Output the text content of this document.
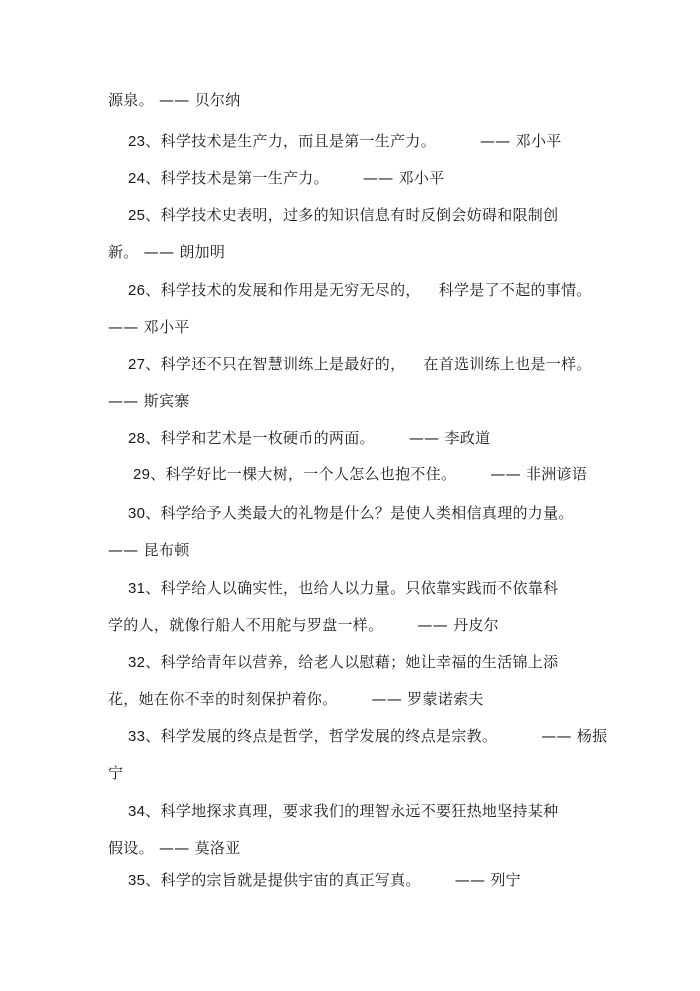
源泉。 —— 贝尔纳
23、科学技术是生产力，而且是第一生产力。	—— 邓小平
24、科学技术是第一生产力。 —— 邓小平
25、科学技术史表明，过多的知识信息有时反倒会妨碍和限制创
新。 —— 朗加明
26、科学技术的发展和作用是无穷无尽的， 科学是了不起的事情。
—— 邓小平
27、科学还不只在智慧训练上是最好的， 在首选训练上也是一样。
—— 斯宾寨
28、科学和艺术是一枚硬币的两面。 —— 李政道
29、科学好比一棵大树，一个人怎么也抱不住。 —— 非洲谚语
30、科学给予人类最大的礼物是什么？是使人类相信真理的力量。
—— 昆布顿
31、科学给人以确实性，也给人以力量。只依靠实践而不依靠科
学的人，就像行船人不用舵与罗盘一样。 —— 丹皮尔
32、科学给青年以营养，给老人以慰藉；她让幸福的生活锦上添
花，她在你不幸的时刻保护着你。 —— 罗蒙诺索夫
33、科学发展的终点是哲学，哲学发展的终点是宗教。	—— 杨振
宁
34、科学地探求真理，要求我们的理智永远不要狂热地坚持某种
假设。 —— 莫洛亚
35、科学的宗旨就是提供宇宙的真正写真。 —— 列宁
